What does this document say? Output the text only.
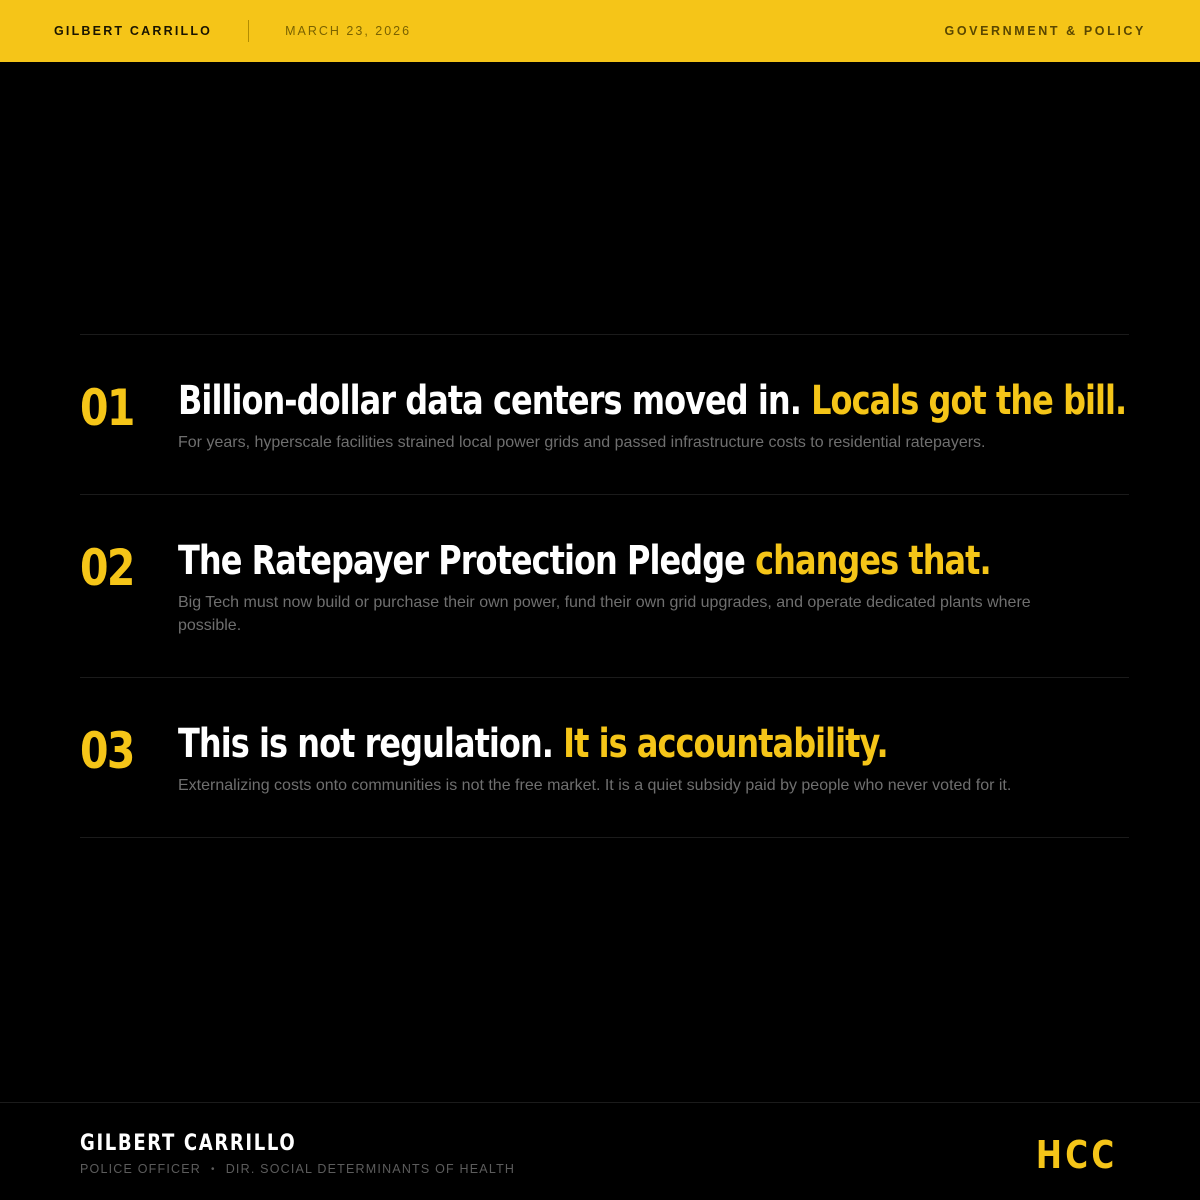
GILBERT CARRILLO	MARCH 23, 2026	GOVERNMENT & POLICY
01	Billion-dollar data centers moved in. Locals got the bill.

For years, hyperscale facilities strained local power grids and passed infrastructure costs to residential ratepayers.

02	The Ratepayer Protection Pledge changes that.

Big Tech must now build or purchase their own power, fund their own grid upgrades, and operate dedicated plants where possible.

03	This is not regulation. It is accountability.

Externalizing costs onto communities is not the free market. It is a quiet subsidy paid by people who never voted for it.

GILBERT CARRILLO
POLICE OFFICER • DIR. SOCIAL DETERMINANTS OF HEALTH	HCC
